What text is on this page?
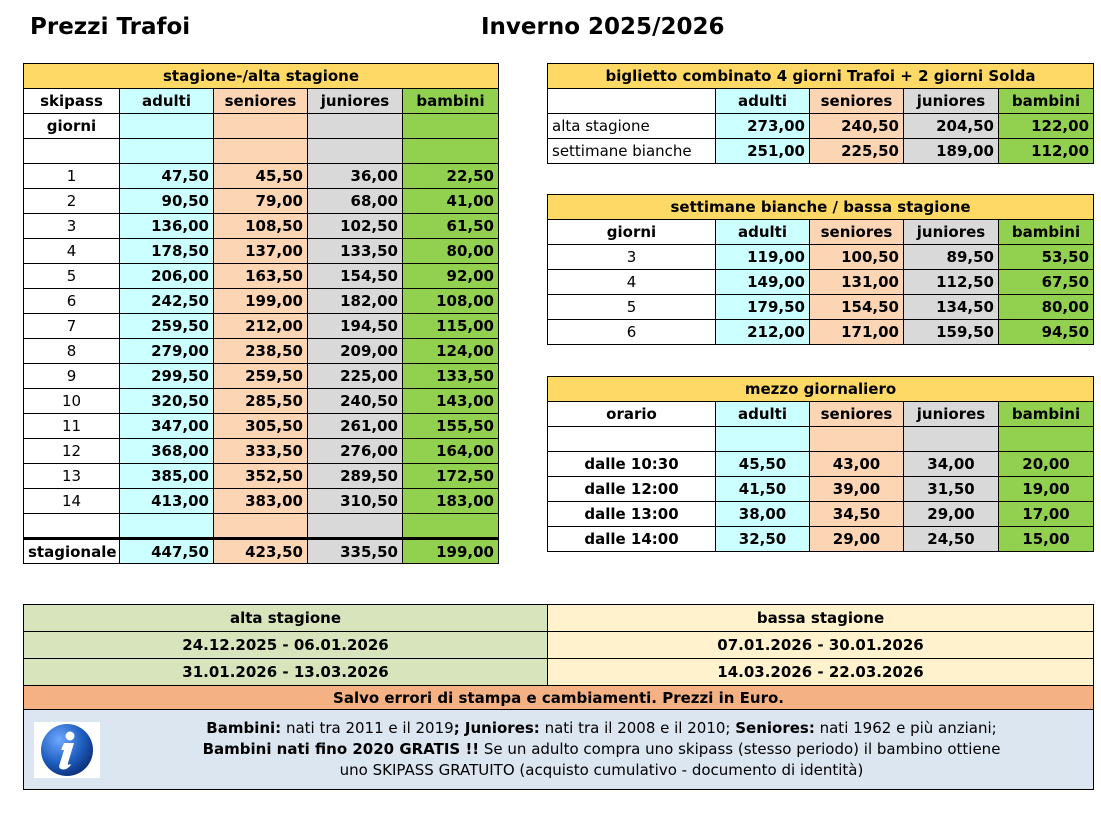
Prezzi Trafoi	Inverno 2025/2026
stagione-/alta stagione				
skipass	adulti	seniores	juniores	bambini
giorni				

1	47,50	45,50	36,00	22,50
2	90,50	79,00	68,00	41,00
3	136,00	108,50	102,50	61,50
4	178,50	137,00	133,50	80,00
5	206,00	163,50	154,50	92,00
6	242,50	199,00	182,00	108,00
7	259,50	212,00	194,50	115,00
8	279,00	238,50	209,00	124,00
9	299,50	259,50	225,00	133,50
10	320,50	285,50	240,50	143,00
11	347,00	305,50	261,00	155,50
12	368,00	333,50	276,00	164,00
13	385,00	352,50	289,50	172,50
14	413,00	383,00	310,50	183,00

stagionale	447,50	423,50	335,50	199,00
biglietto combinato 4 giorni Trafoi + 2 giorni Solda				
	adulti	seniores	juniores	bambini
alta stagione	273,00	240,50	204,50	122,00
settimane bianche	251,00	225,50	189,00	112,00
settimane bianche / bassa stagione				
giorni	adulti	seniores	juniores	bambini
3	119,00	100,50	89,50	53,50
4	149,00	131,00	112,50	67,50
5	179,50	154,50	134,50	80,00
6	212,00	171,00	159,50	94,50
mezzo giornaliero				
orario	adulti	seniores	juniores	bambini

dalle 10:30	45,50	43,00	34,00	20,00
dalle 12:00	41,50	39,00	31,50	19,00
dalle 13:00	38,00	34,50	29,00	17,00
dalle 14:00	32,50	29,00	24,50	15,00
alta stagione	bassa stagione
24.12.2025 - 06.01.2026	07.01.2026 - 30.01.2026
31.01.2026 - 13.03.2026	14.03.2026 - 22.03.2026
Salvo errori di stampa e cambiamenti. Prezzi in Euro.	

Bambini: nati tra 2011 e il 2019; Juniores: nati tra il 2008 e il 2010; Seniores: nati 1962 e più anziani;
Bambini nati fino 2020 GRATIS !! Se un adulto compra uno skipass (stesso periodo) il bambino ottiene
uno SKIPASS GRATUITO (acquisto cumulativo - documento di identità)	
